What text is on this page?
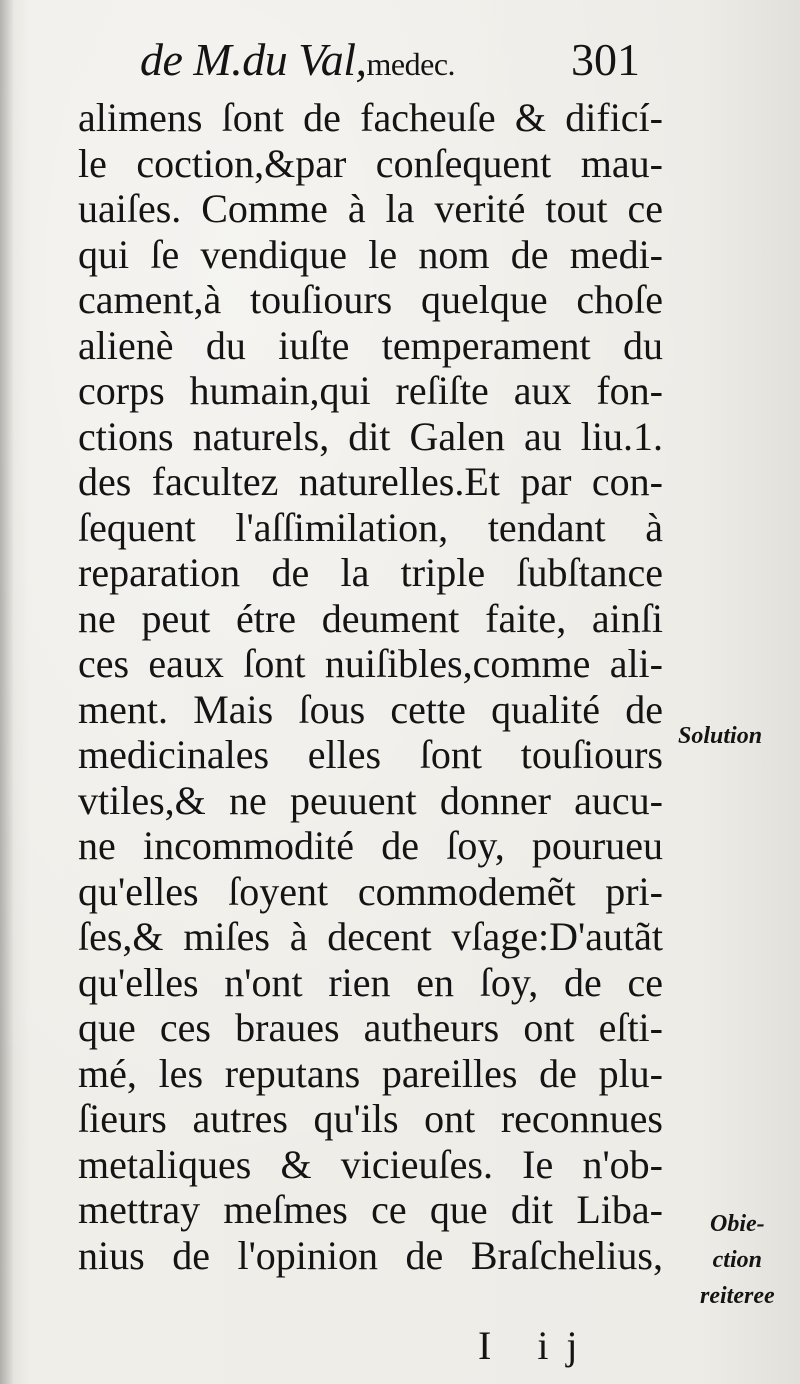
de M.du Val,medec.	301
alimens ſont de facheuſe & dificí-
le coction,&par conſequent mau-
uaiſes. Comme à la verité tout ce
qui ſe vendique le nom de medi-
cament,à touſiours quelque choſe
alienè du iuſte temperament du
corps humain,qui reſiſte aux fon-
ctions naturels, dit Galen au liu.1.
des facultez naturelles.Et par con-
ſequent l'aſſimilation, tendant à
reparation de la triple ſubſtance
ne peut étre deument faite, ainſi
ces eaux ſont nuiſibles,comme ali-
ment. Mais ſous cette qualité de
medicinales elles ſont touſiours
vtiles,& ne peuuent donner aucu-
ne incommodité de ſoy, pourueu
qu'elles ſoyent commodemẽt pri-
ſes,& miſes à decent vſage:D'autãt
qu'elles n'ont rien en ſoy, de ce
que ces braues autheurs ont eſti-
mé, les reputans pareilles de plu-
ſieurs autres qu'ils ont reconnues
metaliques & vicieuſes. Ie n'ob-
mettray meſmes ce que dit Liba-
nius de l'opinion de Braſchelius,
Solution
Obie-
ction
reiteree
I ij
